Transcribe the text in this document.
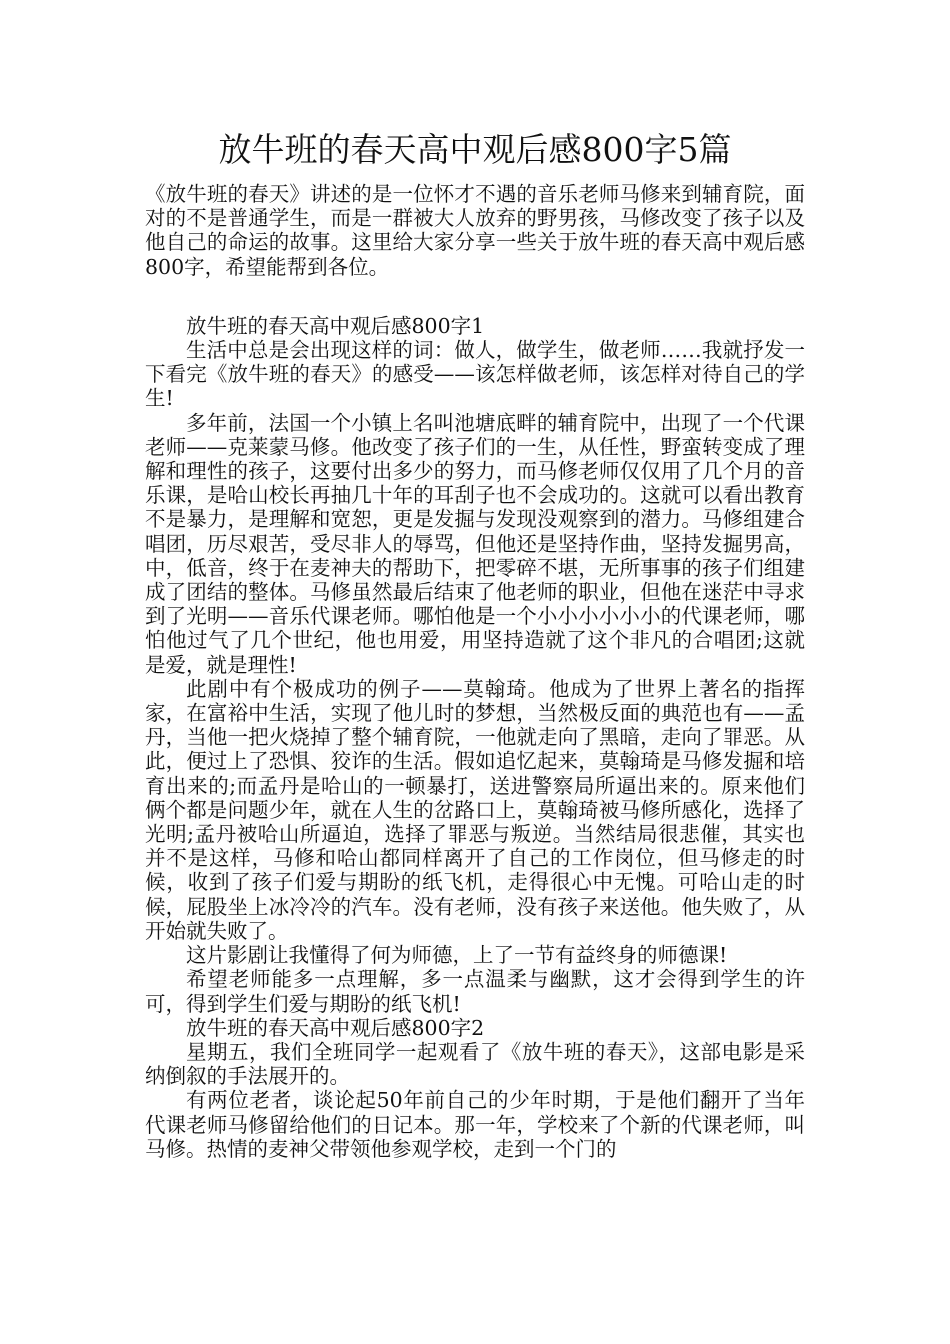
放牛班的春天高中观后感800字5篇

《放牛班的春天》讲述的是一位怀才不遇的音乐老师马修来到辅育院，面对的不是普通学生，而是一群被大人放弃的野男孩，马修改变了孩子以及他自己的命运的故事。这里给大家分享一些关于放牛班的春天高中观后感800字，希望能帮到各位。

放牛班的春天高中观后感800字1

生活中总是会出现这样的词：做人，做学生，做老师……我就抒发一下看完《放牛班的春天》的感受——该怎样做老师，该怎样对待自己的学生!

多年前，法国一个小镇上名叫池塘底畔的辅育院中，出现了一个代课老师——克莱蒙马修。他改变了孩子们的一生，从任性，野蛮转变成了理解和理性的孩子，这要付出多少的努力，而马修老师仅仅用了几个月的音乐课，是哈山校长再抽几十年的耳刮子也不会成功的。这就可以看出教育不是暴力，是理解和宽恕，更是发掘与发现没观察到的潜力。马修组建合唱团，历尽艰苦，受尽非人的辱骂，但他还是坚持作曲，坚持发掘男高，中，低音，终于在麦神夫的帮助下，把零碎不堪，无所事事的孩子们组建成了团结的整体。马修虽然最后结束了他老师的职业，但他在迷茫中寻求到了光明——音乐代课老师。哪怕他是一个小小小小小小的代课老师，哪怕他过气了几个世纪，他也用爱，用坚持造就了这个非凡的合唱团;这就是爱，就是理性!

此剧中有个极成功的例子——莫翰琦。他成为了世界上著名的指挥家，在富裕中生活，实现了他儿时的梦想，当然极反面的典范也有——孟丹，当他一把火烧掉了整个辅育院，一他就走向了黑暗，走向了罪恶。从此，便过上了恐惧、狡诈的生活。假如追忆起来，莫翰琦是马修发掘和培育出来的;而孟丹是哈山的一顿暴打，送进警察局所逼出来的。原来他们俩个都是问题少年，就在人生的岔路口上，莫翰琦被马修所感化，选择了光明;孟丹被哈山所逼迫，选择了罪恶与叛逆。当然结局很悲催，其实也并不是这样，马修和哈山都同样离开了自己的工作岗位，但马修走的时候，收到了孩子们爱与期盼的纸飞机，走得很心中无愧。可哈山走的时候，屁股坐上冰冷冷的汽车。没有老师，没有孩子来送他。他失败了，从开始就失败了。

这片影剧让我懂得了何为师德，上了一节有益终身的师德课!

希望老师能多一点理解，多一点温柔与幽默，这才会得到学生的许可，得到学生们爱与期盼的纸飞机!

放牛班的春天高中观后感800字2

星期五，我们全班同学一起观看了《放牛班的春天》，这部电影是采纳倒叙的手法展开的。

有两位老者，谈论起50年前自己的少年时期，于是他们翻开了当年代课老师马修留给他们的日记本。那一年，学校来了个新的代课老师，叫马修。热情的麦神父带领他参观学校，走到一个门的
